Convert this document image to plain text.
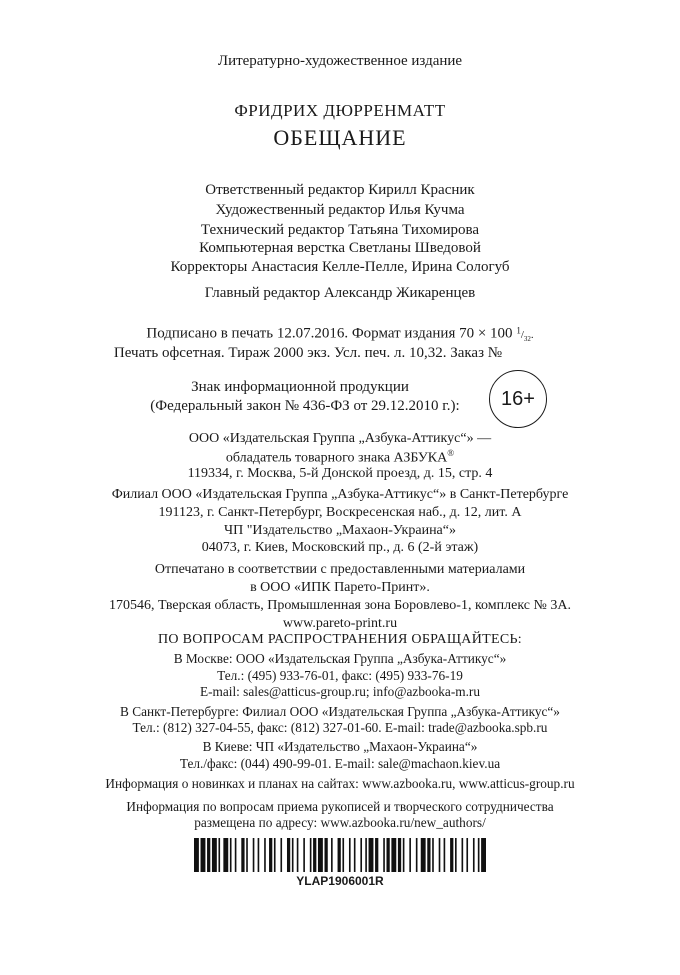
Литературно-художественное издание
ФРИДРИХ ДЮРРЕНМАТТ
ОБЕЩАНИЕ
Ответственный редактор Кирилл Красник
Художественный редактор Илья Кучма
Технический редактор Татьяна Тихомирова
Компьютерная верстка Светланы Шведовой
Корректоры Анастасия Келле-Пелле, Ирина Сологуб
Главный редактор Александр Жикаренцев
Подписано в печать 12.07.2016. Формат издания 70 × 100 $^1/_{32}$.
Печать офсетная. Тираж 2000 экз. Усл. печ. л. 10,32. Заказ №
Знак информационной продукции
(Федеральный закон № 436-ФЗ от 29.12.2010 г.):	16+
ООО «Издательская Группа „Азбука-Аттикус“» —
обладатель товарного знака АЗБУКА®
119334, г. Москва, 5-й Донской проезд, д. 15, стр. 4
Филиал ООО «Издательская Группа „Азбука-Аттикус“» в Санкт-Петербурге
191123, г. Санкт-Петербург, Воскресенская наб., д. 12, лит. А
ЧП "Издательство „Махаон-Украина“»
04073, г. Киев, Московский пр., д. 6 (2-й этаж)
Отпечатано в соответствии с предоставленными материалами
в ООО «ИПК Парето-Принт».
170546, Тверская область, Промышленная зона Боровлево-1, комплекс № 3А.
www.pareto-print.ru
ПО ВОПРОСАМ РАСПРОСТРАНЕНИЯ ОБРАЩАЙТЕСЬ:
В Москве: ООО «Издательская Группа „Азбука-Аттикус“»
Тел.: (495) 933-76-01, факс: (495) 933-76-19
E-mail: sales@atticus-group.ru; info@azbooka-m.ru
В Санкт-Петербурге: Филиал ООО «Издательская Группа „Азбука-Аттикус“»
Тел.: (812) 327-04-55, факс: (812) 327-01-60. E-mail: trade@azbooka.spb.ru
В Киеве: ЧП «Издательство „Махаон-Украина“»
Тел./факс: (044) 490-99-01. E-mail: sale@machaon.kiev.ua
Информация о новинках и планах на сайтах: www.azbooka.ru, www.atticus-group.ru
Информация по вопросам приема рукописей и творческого сотрудничества
размещена по адресу: www.azbooka.ru/new_authors/
YLAP1906001R
